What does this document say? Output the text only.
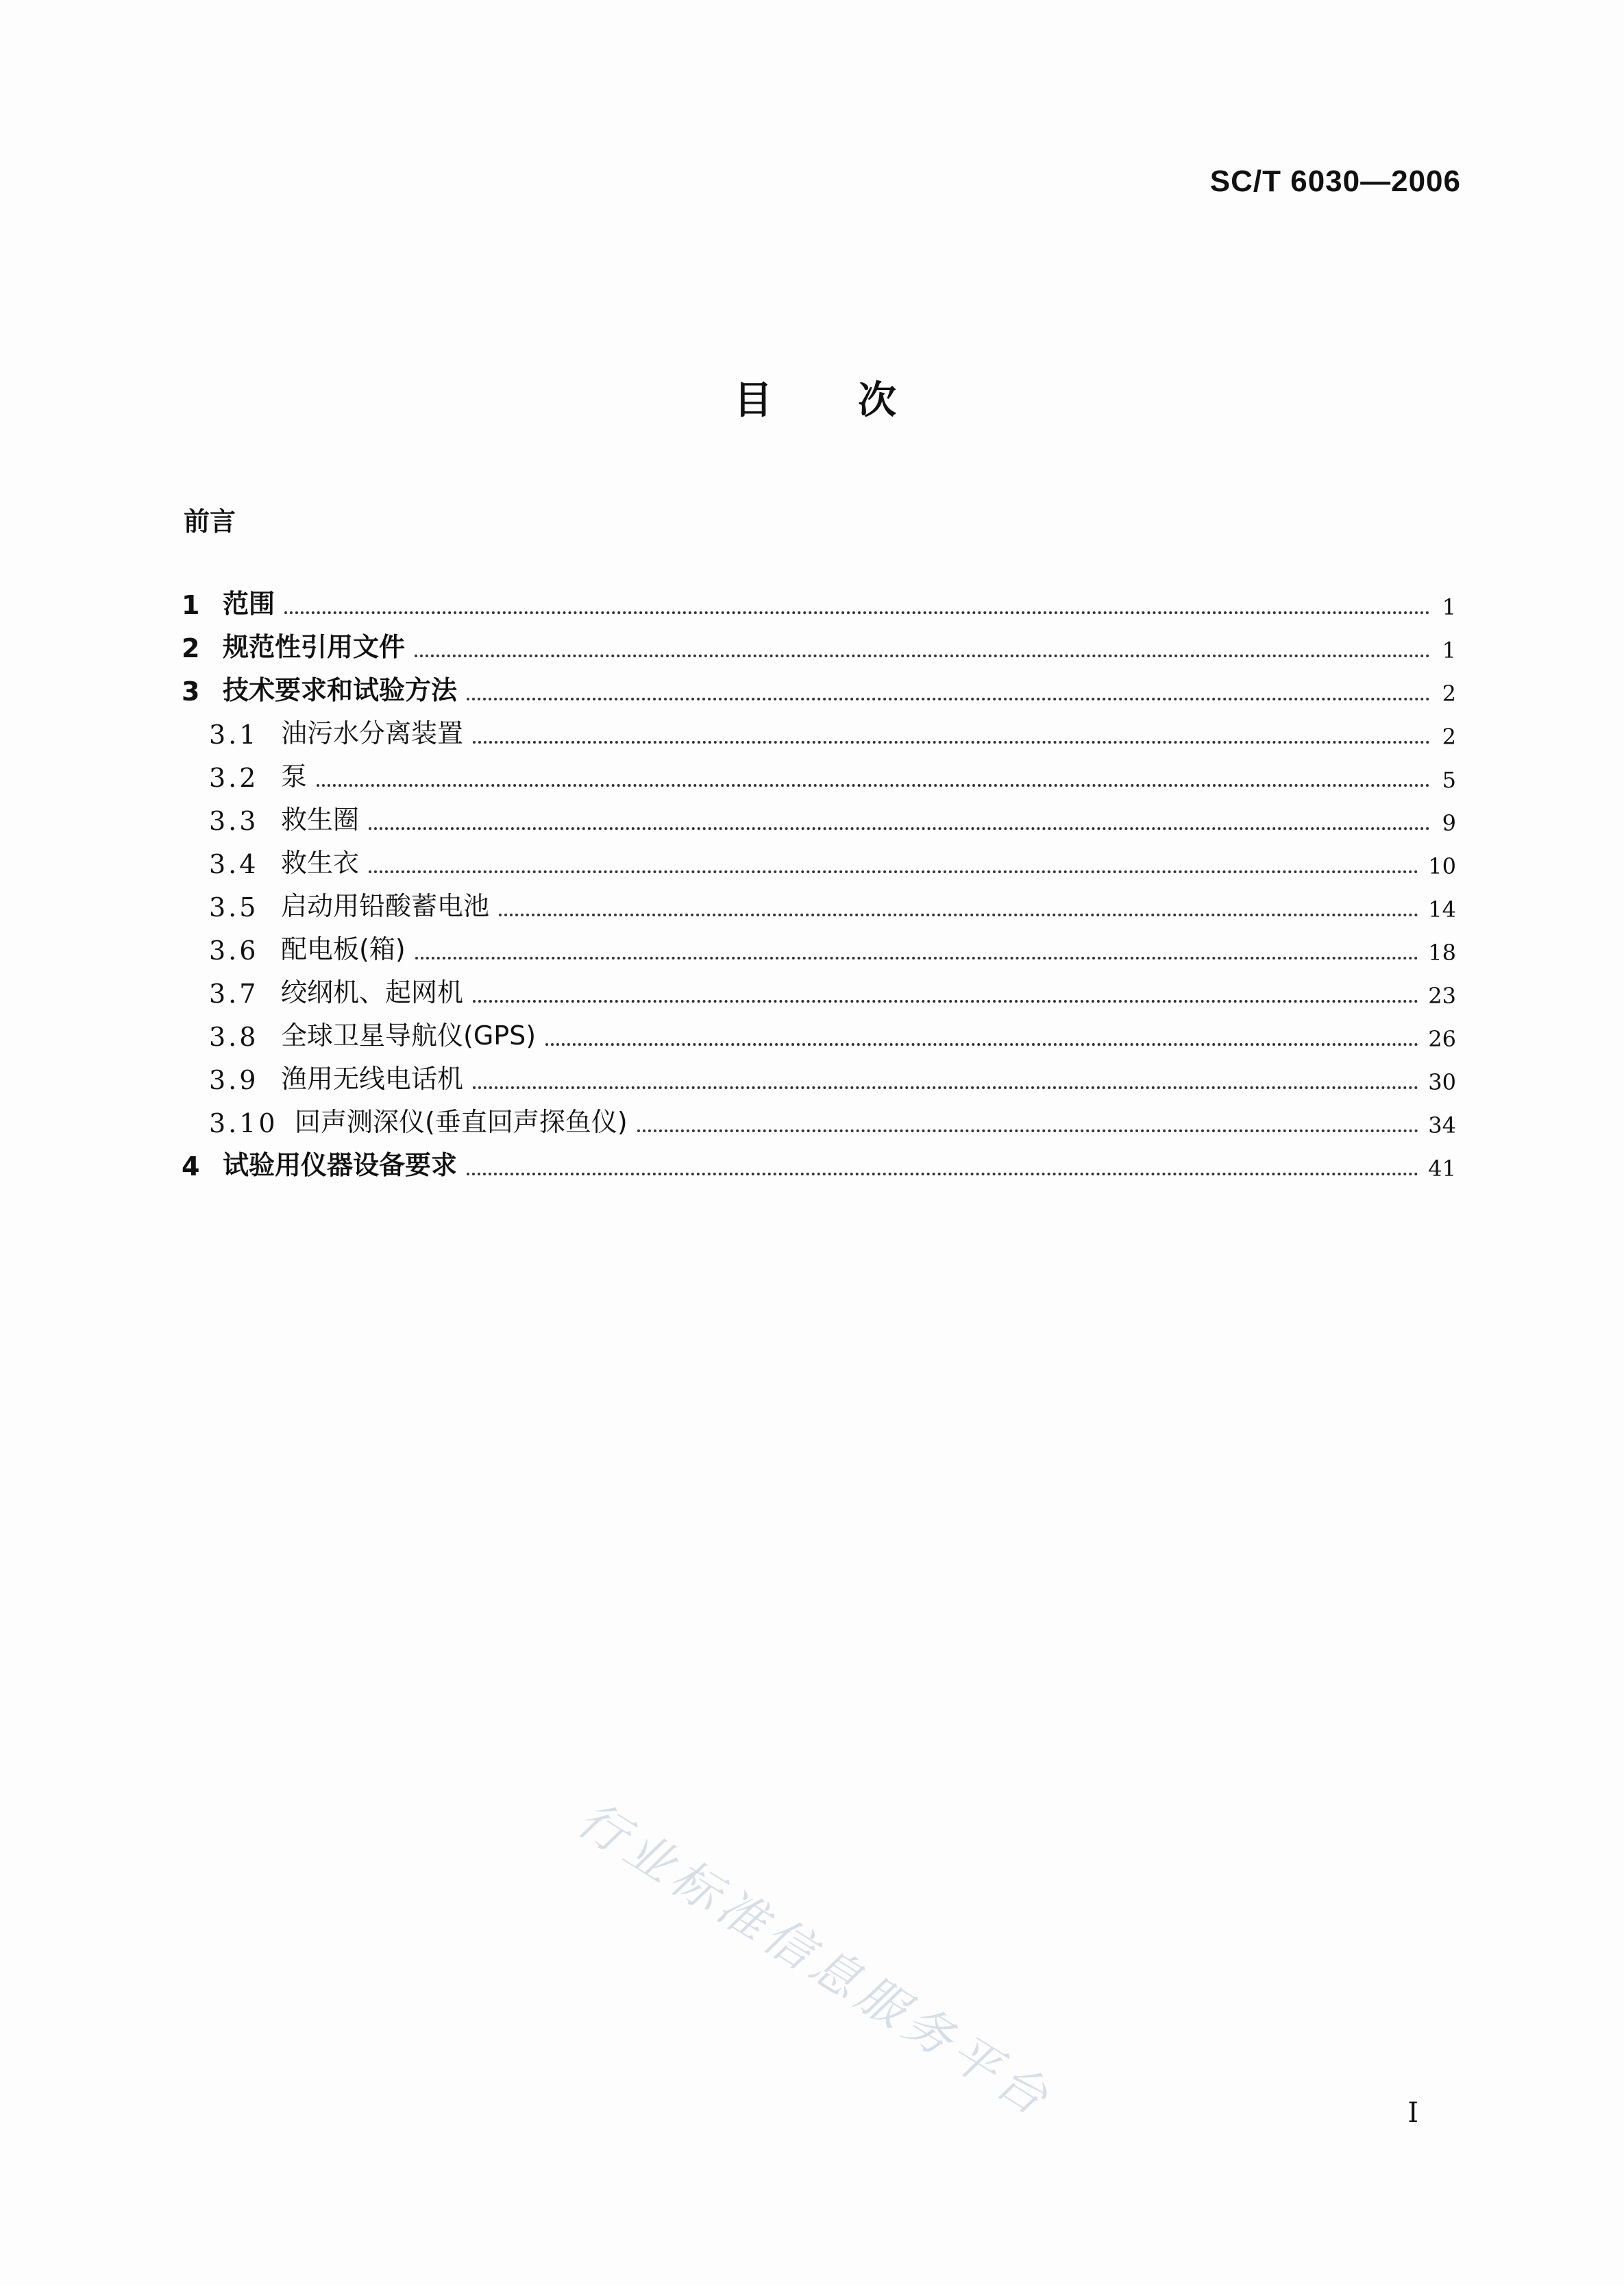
SC/T 6030—2006
目 次
前言
1 范围	1
2 规范性引用文件	1
3 技术要求和试验方法	2
3.1 油污水分离装置	2
3.2 泵	5
3.3 救生圈	9
3.4 救生衣	10
3.5 启动用铅酸蓄电池	14
3.6 配电板(箱)	18
3.7 绞纲机、起网机	23
3.8 全球卫星导航仪(GPS)	26
3.9 渔用无线电话机	30
3.10 回声测深仪(垂直回声探鱼仪)	34
4 试验用仪器设备要求	41
行业标准信息服务平台	I
